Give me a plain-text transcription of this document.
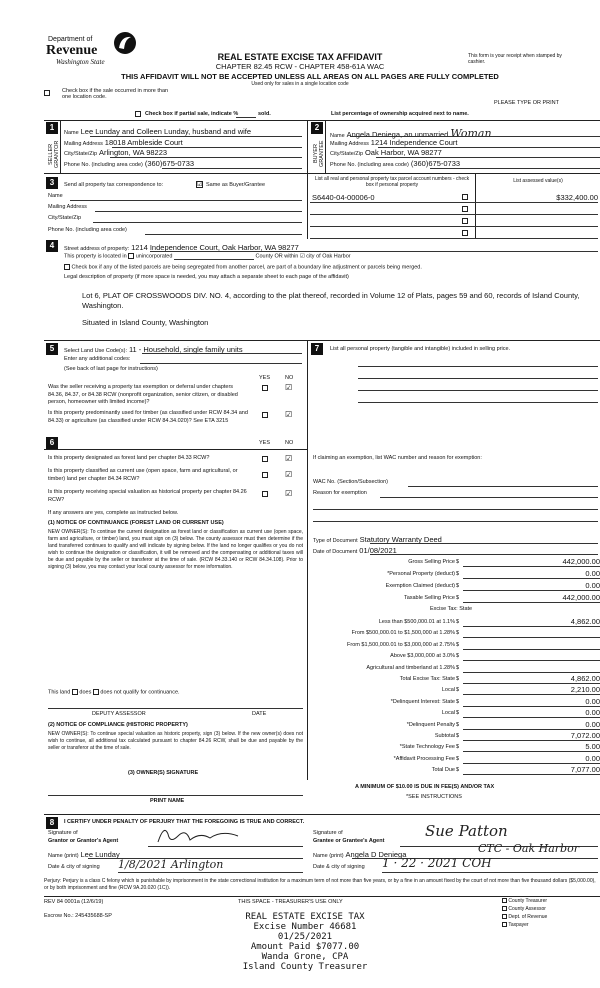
Department of
Revenue
Washington State	REAL ESTATE EXCISE TAX AFFIDAVIT
CHAPTER 82.45 RCW - CHAPTER 458-61A WAC
This form is your receipt when stamped by cashier.
THIS AFFIDAVIT WILL NOT BE ACCEPTED UNLESS ALL AREAS ON ALL PAGES ARE FULLY COMPLETED
Used only for sales in a single location code
Check box if the sale occurred in more than one location code.
PLEASE TYPE OR PRINT
Check box if partial sale, indicate %	sold.	List percentage of ownership acquired next to name.
1
SELLER GRANTOR
Name Lee Lunday and Colleen Lunday, husband and wife
Mailing Address 18018 Ambleside Court
City/State/Zip Arlington, WA 98223
Phone No. (including area code) (360)675-0733
2
BUYER GRANTEE
Name Angela Deniega, an unmarried Woman
Mailing Address 1214 Independence Court
City/State/Zip Oak Harbor, WA 98277
Phone No. (including area code) (360)675-0733
3	Send all property tax correspondence to:	☑ Same as Buyer/Grantee
Name
Mailing Address
City/State/Zip
Phone No. (including area code)
List all real and personal property tax parcel account numbers - check box if personal property
List assessed value(s)
S6440-04-00006-0	$332,400.00
4	Street address of property: 1214 Independence Court, Oak Harbor, WA 98277
This property is located in unincorporated	County OR within ☑ city of Oak Harbor
Check box if any of the listed parcels are being segregated from another parcel, are part of a boundary line adjustment or parcels being merged.
Legal description of property (if more space is needed, you may attach a separate sheet to each page of the affidavit)
Lot 6, PLAT OF CROSSWOODS DIV. NO. 4, according to the plat thereof, recorded in Volume 12 of Plats, pages 59 and 60, records of Island County, Washington.
Situated in Island County, Washington
5	Select Land Use Code(s): 11 - Household, single family units
Enter any additional codes:
(See back of last page for instructions)
YES	NO
Was the seller receiving a property tax exemption or deferral under chapters 84.36, 84.37, or 84.38 RCW (nonprofit organization, senior citizen, or disabled person, homeowner with limited income)?
☑
Is this property predominantly used for timber (as classified under RCW 84.34 and 84.33) or agriculture (as classified under RCW 84.34.020)? See ETA 3215
☑
6	YES	NO
Is this property designated as forest land per chapter 84.33 RCW?	☑
Is this property classified as current use (open space, farm and agricultural, or timber) land per chapter 84.34 RCW?	☑
Is this property receiving special valuation as historical property per chapter 84.26 RCW?
☑
If any answers are yes, complete as instructed below.
(1) NOTICE OF CONTINUANCE (FOREST LAND OR CURRENT USE)
NEW OWNER(S): To continue the current designation as forest land or classification as current use (open space, farm and agriculture, or timber) land, you must sign on (3) below. The county assessor must then determine if the land transferred continues to qualify and will indicate by signing below. If the land no longer qualifies or you do not wish to continue the designation or classification, it will be removed and the compensating or additional taxes will be due and payable by the seller or transferor at the time of sale. (RCW 84.33.140 or RCW 84.34.108). Prior to signing (3) below, you may contact your local county assessor for more information.
This land does does not qualify for continuance.
DEPUTY ASSESSOR	DATE
(2) NOTICE OF COMPLIANCE (HISTORIC PROPERTY)
NEW OWNER(S): To continue special valuation as historic property, sign (3) below. If the new owner(s) does not wish to continue, all additional tax calculated pursuant to chapter 84.26 RCW, shall be due and payable by the seller or transferor at the time of sale.
(3) OWNER(S) SIGNATURE
PRINT NAME
7	List all personal property (tangible and intangible) included in selling price.
If claiming an exemption, list WAC number and reason for exemption:
WAC No. (Section/Subsection)
Reason for exemption
Type of Document Statutory Warranty Deed
Date of Document 01/08/2021
Gross Selling Price $	442,000.00
*Personal Property (deduct) $	0.00
Exemption Claimed (deduct) $	0.00
Taxable Selling Price $	442,000.00
Excise Tax: State
Less than $500,000.01 at 1.1% $	4,862.00
From $500,000.01 to $1,500,000 at 1.28% $
From $1,500,000.01 to $3,000,000 at 2.75% $
Above $3,000,000 at 3.0% $
Agricultural and timberland at 1.28% $
Total Excise Tax: State $	4,862.00
Local $	2,210.00
*Delinquent Interest: State $	0.00
Local $	0.00
*Delinquent Penalty $	0.00
Subtotal $	7,072.00
*State Technology Fee $	5.00
*Affidavit Processing Fee $	0.00
Total Due $	7,077.00
A MINIMUM OF $10.00 IS DUE IN FEE(S) AND/OR TAX
*SEE INSTRUCTIONS
8	I CERTIFY UNDER PENALTY OF PERJURY THAT THE FOREGOING IS TRUE AND CORRECT.
Signature of
Grantor or Grantor's Agent
Name (print) Lee Lunday
Date & city of signing 1/8/2021 Arlington
Signature of
Grantee or Grantee's Agent
Sue Patton
Name (print) Angela D Deniega	CTC - Oak Harbor
Date & city of signing 1 · 22 · 2021 COH
Perjury: Perjury is a class C felony which is punishable by imprisonment in the state correctional institution for a maximum term of not more than five years, or by a fine in an amount fixed by the court of not more than five thousand dollars ($5,000.00), or by both imprisonment and fine (RCW 9A.20.020 (1C)).
REV 84 0001a (12/6/19)	THIS SPACE - TREASURER'S USE ONLY
Escrow No.: 245435688-SP
County Treasurer
County Assessor
Dept. of Revenue
Taxpayer
REAL ESTATE EXCISE TAX
Excise Number 46681
01/25/2021
Amount Paid $7077.00
Wanda Grone, CPA
Island County Treasurer
